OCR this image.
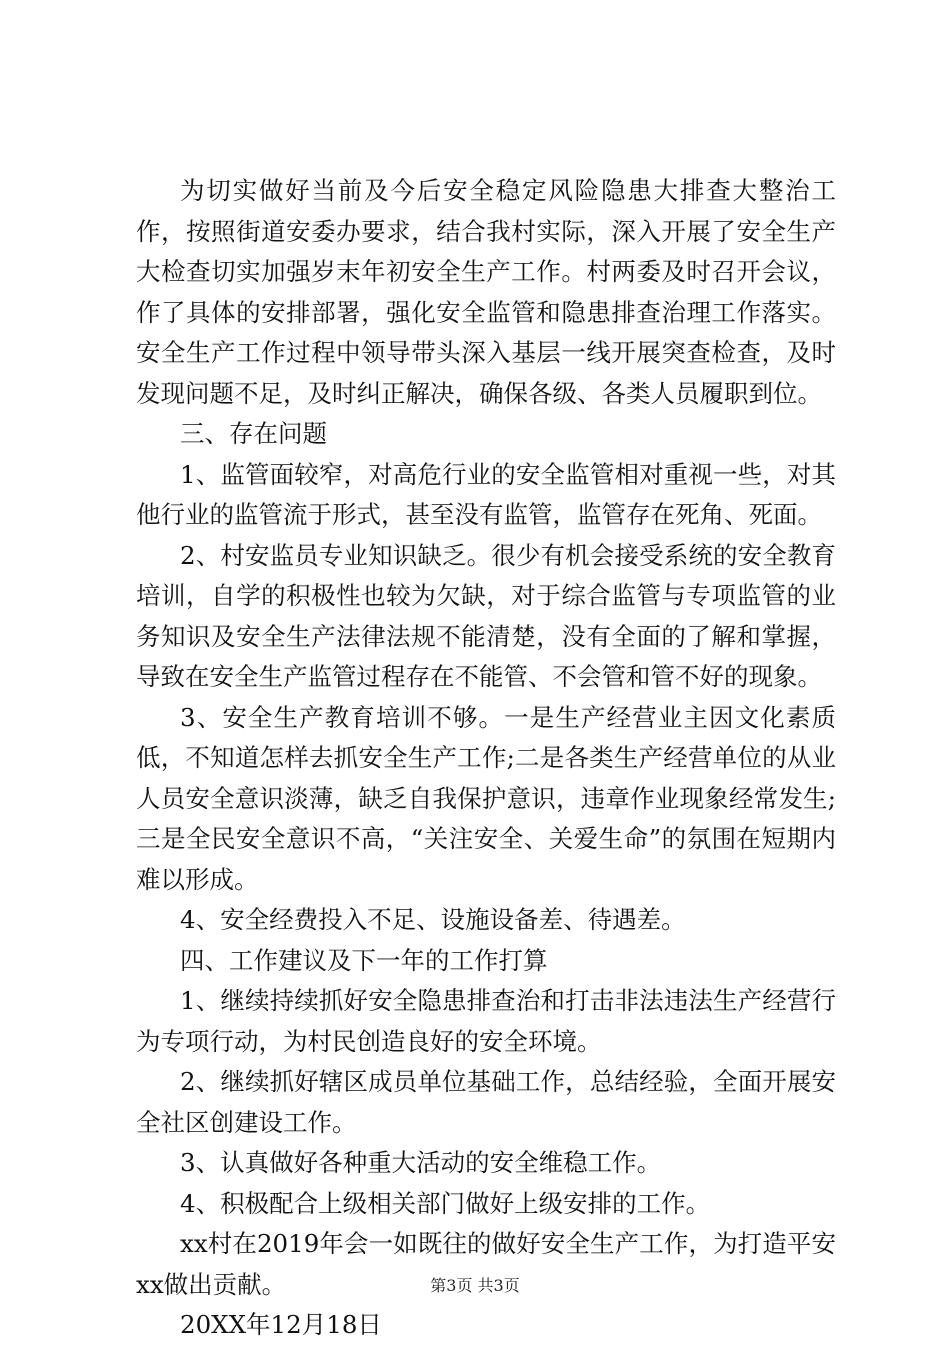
为切实做好当前及今后安全稳定风险隐患大排查大整治工作，按照街道安委办要求，结合我村实际，深入开展了安全生产大检查切实加强岁末年初安全生产工作。村两委及时召开会议，作了具体的安排部署，强化安全监管和隐患排查治理工作落实。安全生产工作过程中领导带头深入基层一线开展突查检查，及时发现问题不足，及时纠正解决，确保各级、各类人员履职到位。

三、存在问题

1、监管面较窄，对高危行业的安全监管相对重视一些，对其他行业的监管流于形式，甚至没有监管，监管存在死角、死面。

2、村安监员专业知识缺乏。很少有机会接受系统的安全教育培训，自学的积极性也较为欠缺，对于综合监管与专项监管的业务知识及安全生产法律法规不能清楚，没有全面的了解和掌握，导致在安全生产监管过程存在不能管、不会管和管不好的现象。

3、安全生产教育培训不够。一是生产经营业主因文化素质低，不知道怎样去抓安全生产工作;二是各类生产经营单位的从业人员安全意识淡薄，缺乏自我保护意识，违章作业现象经常发生;三是全民安全意识不高，“关注安全、关爱生命”的氛围在短期内难以形成。

4、安全经费投入不足、设施设备差、待遇差。

四、工作建议及下一年的工作打算

1、继续持续抓好安全隐患排查治和打击非法违法生产经营行为专项行动，为村民创造良好的安全环境。

2、继续抓好辖区成员单位基础工作，总结经验，全面开展安全社区创建设工作。

3、认真做好各种重大活动的安全维稳工作。

4、积极配合上级相关部门做好上级安排的工作。

xx村在2019年会一如既往的做好安全生产工作，为打造平安xx做出贡献。

20XX年12月18日

第3页 共3页
